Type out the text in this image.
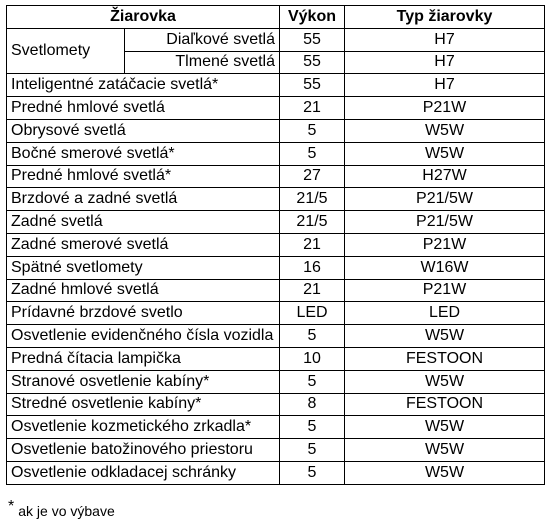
Žiarovka		Výkon	Typ žiarovky
Svetlomety	Diaľkové svetlá	55	H7
	Tlmené svetlá	55	H7
Inteligentné zatáčacie svetlá*		55	H7
Predné hmlové svetlá		21	P21W
Obrysové svetlá		5	W5W
Bočné smerové svetlá*		5	W5W
Predné hmlové svetlá*		27	H27W
Brzdové a zadné svetlá		21/5	P21/5W
Zadné svetlá		21/5	P21/5W
Zadné smerové svetlá		21	P21W
Spätné svetlomety		16	W16W
Zadné hmlové svetlá		21	P21W
Prídavné brzdové svetlo		LED	LED
Osvetlenie evidenčného čísla vozidla		5	W5W
Predná čítacia lampička		10	FESTOON
Stranové osvetlenie kabíny*		5	W5W
Stredné osvetlenie kabíny*		8	FESTOON
Osvetlenie kozmetického zrkadla*		5	W5W
Osvetlenie batožinového priestoru		5	W5W
Osvetlenie odkladacej schránky		5	W5W
* ak je vo výbave
